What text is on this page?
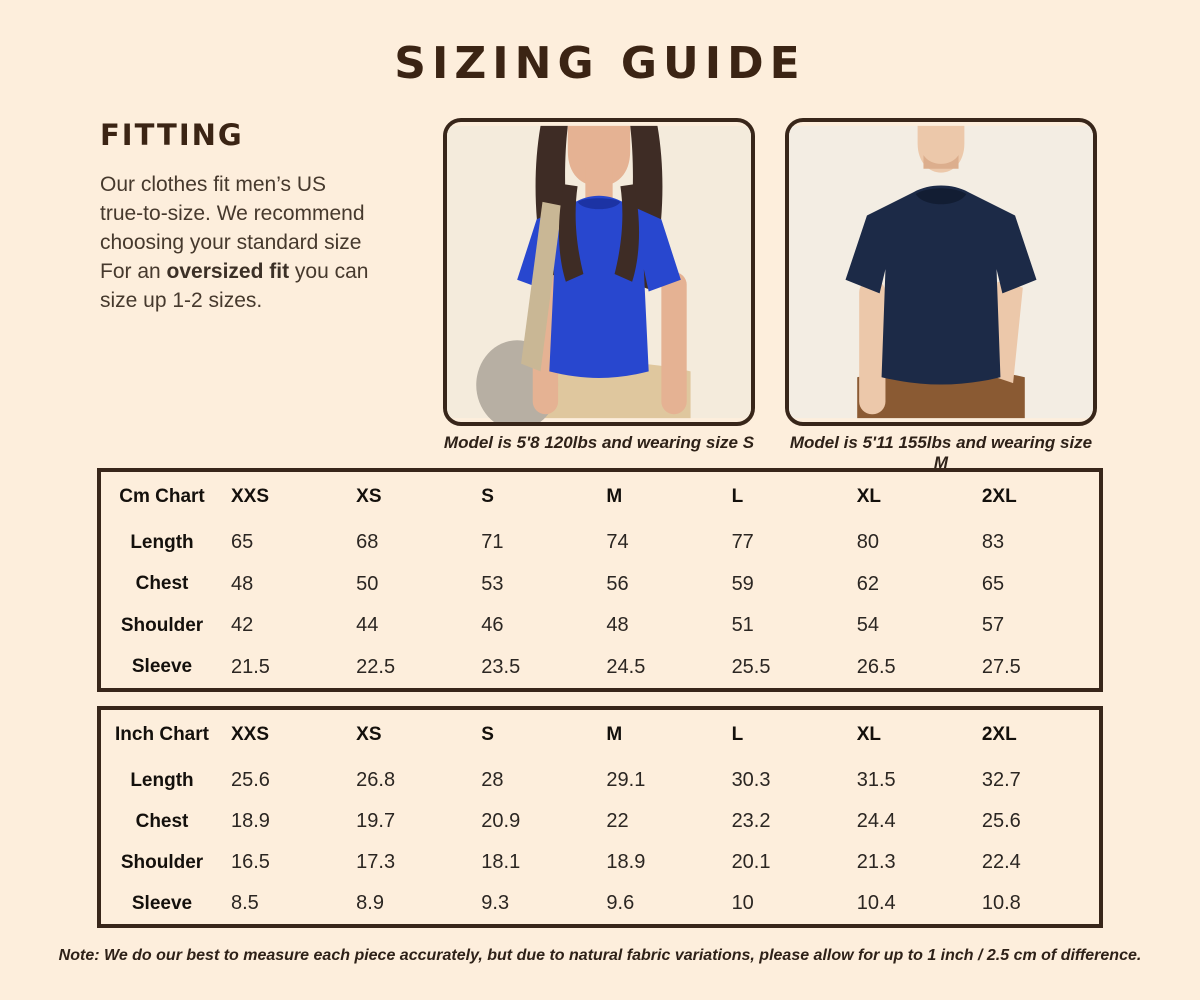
SIZING GUIDE
FITTING

Our clothes fit men’s US
true-to-size. We recommend
choosing your standard size
For an oversized fit you can
size up 1-2 sizes.

Model is 5'8 120lbs and wearing size S	Model is 5'11 155lbs and wearing size M

Cm Chart	XXS	XS	S	M	L	XL	2XL
Length	65	68	71	74	77	80	83
Chest	48	50	53	56	59	62	65
Shoulder	42	44	46	48	51	54	57
Sleeve	21.5	22.5	23.5	24.5	25.5	26.5	27.5
Inch Chart	XXS	XS	S	M	L	XL	2XL
Length	25.6	26.8	28	29.1	30.3	31.5	32.7
Chest	18.9	19.7	20.9	22	23.2	24.4	25.6
Shoulder	16.5	17.3	18.1	18.9	20.1	21.3	22.4
Sleeve	8.5	8.9	9.3	9.6	10	10.4	10.8

Note: We do our best to measure each piece accurately, but due to natural fabric variations, please allow for up to 1 inch / 2.5 cm of difference.
